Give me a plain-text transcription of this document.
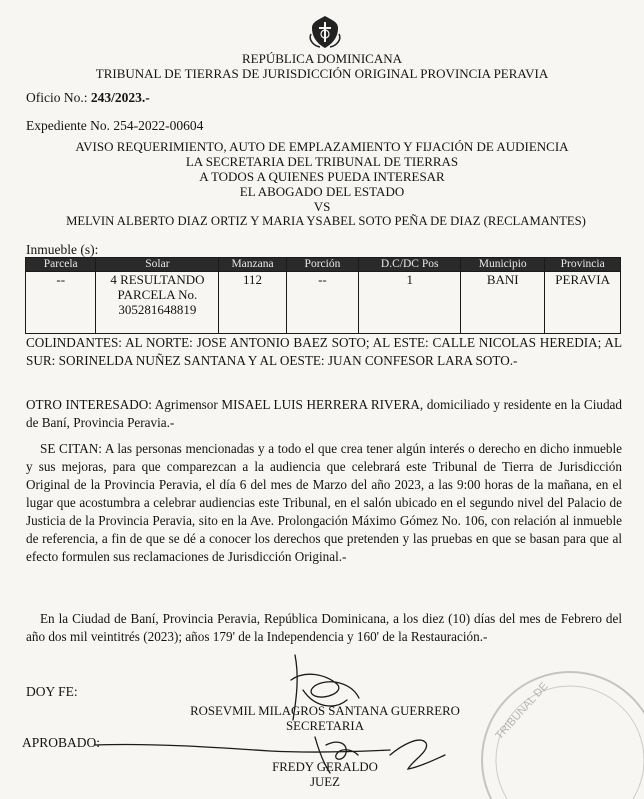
REPÚBLICA DOMINICANA
TRIBUNAL DE TIERRAS DE JURISDICCIÓN ORIGINAL PROVINCIA PERAVIA
Oficio No.: 243/2023.-
Expediente No. 254-2022-00604
AVISO REQUERIMIENTO, AUTO DE EMPLAZAMIENTO Y FIJACIÓN DE AUDIENCIA
LA SECRETARIA DEL TRIBUNAL DE TIERRAS
A TODOS A QUIENES PUEDA INTERESAR
EL ABOGADO DEL ESTADO
VS
MELVIN ALBERTO DIAZ ORTIZ Y MARIA YSABEL SOTO PEÑA DE DIAZ (RECLAMANTES)
Inmueble (s):
Parcela	Solar	Manzana	Porción	D.C/DC Pos	Municipio	Provincia
--	4 RESULTANDO PARCELA No. 305281648819	112	--	1	BANI	PERAVIA
COLINDANTES: AL NORTE: JOSE ANTONIO BAEZ SOTO; AL ESTE: CALLE NICOLAS HEREDIA; AL SUR: SORINELDA NUÑEZ SANTANA Y AL OESTE: JUAN CONFESOR LARA SOTO.-
OTRO INTERESADO: Agrimensor MISAEL LUIS HERRERA RIVERA, domiciliado y residente en la Ciudad de Baní, Provincia Peravia.-
SE CITAN: A las personas mencionadas y a todo el que crea tener algún interés o derecho en dicho inmueble y sus mejoras, para que comparezcan a la audiencia que celebrará este Tribunal de Tierra de Jurisdicción Original de la Provincia Peravia, el día 6 del mes de Marzo del año 2023, a las 9:00 horas de la mañana, en el lugar que acostumbra a celebrar audiencias este Tribunal, en el salón ubicado en el segundo nivel del Palacio de Justicia de la Provincia Peravia, sito en la Ave. Prolongación Máximo Gómez No. 106, con relación al inmueble de referencia, a fin de que se dé a conocer los derechos que pretenden y las pruebas en que se basan para que al efecto formulen sus reclamaciones de Jurisdicción Original.-
En la Ciudad de Baní, Provincia Peravia, República Dominicana, a los diez (10) días del mes de Febrero del año dos mil veintitrés (2023); años 179' de la Independencia y 160' de la Restauración.-
DOY FE:
ROSEVMIL MILAGROS SANTANA GUERRERO
SECRETARIA
APROBADO:
FREDY GERALDO
JUEZ
TRIBUNAL DE
